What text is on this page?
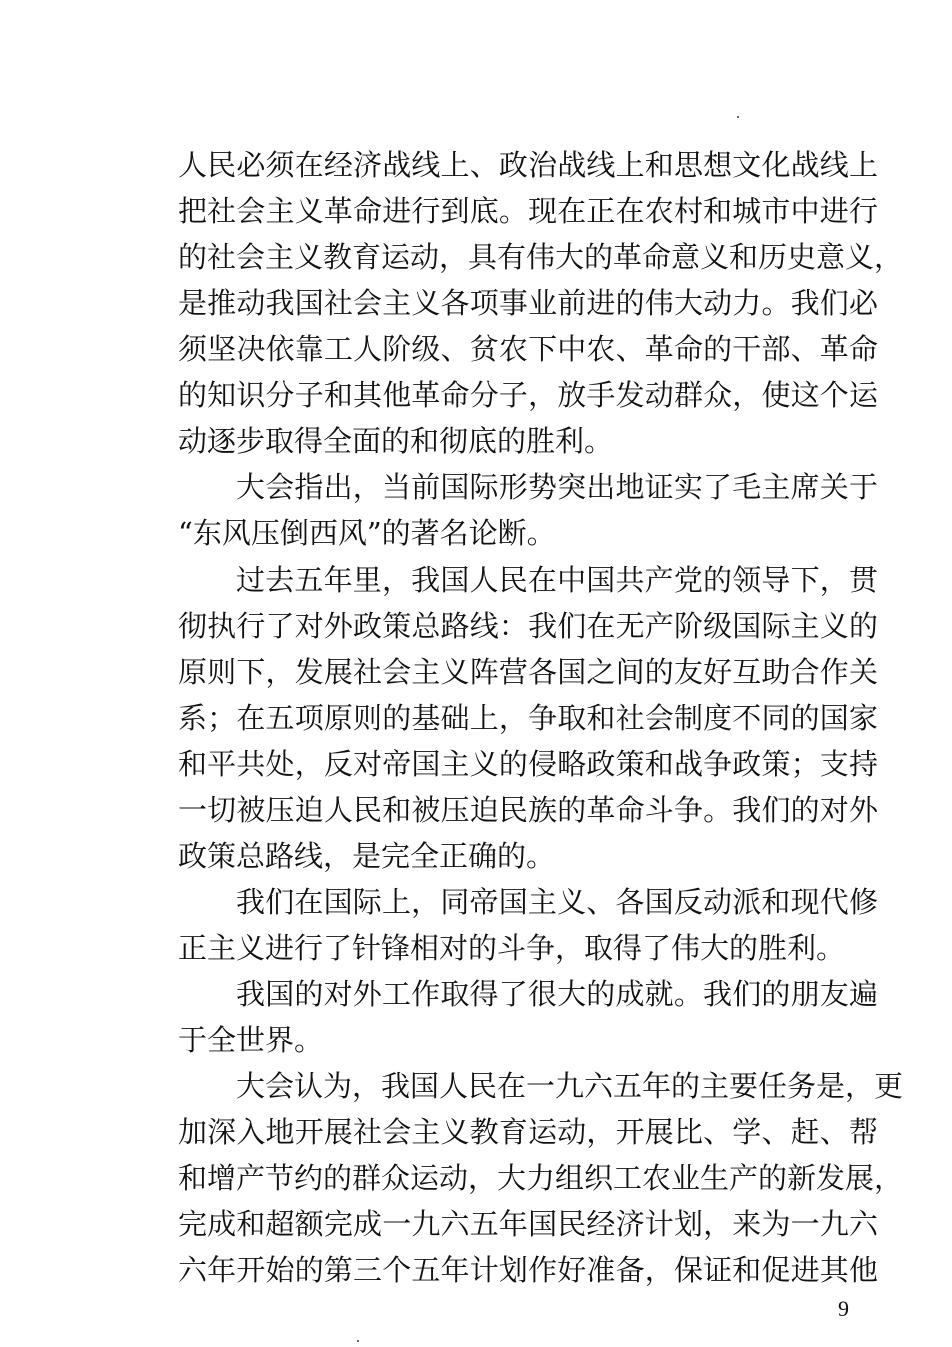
人民必须在经济战线上、政治战线上和思想文化战线上
把社会主义革命进行到底。现在正在农村和城市中进行
的社会主义教育运动，具有伟大的革命意义和历史意义，
是推动我国社会主义各项事业前进的伟大动力。我们必
须坚决依靠工人阶级、贫农下中农、革命的干部、革命
的知识分子和其他革命分子，放手发动群众，使这个运
动逐步取得全面的和彻底的胜利。
大会指出，当前国际形势突出地证实了毛主席关于
“东风压倒西风”的著名论断。
过去五年里，我国人民在中国共产党的领导下，贯
彻执行了对外政策总路线：我们在无产阶级国际主义的
原则下，发展社会主义阵营各国之间的友好互助合作关
系；在五项原则的基础上，争取和社会制度不同的国家
和平共处，反对帝国主义的侵略政策和战争政策；支持
一切被压迫人民和被压迫民族的革命斗争。我们的对外
政策总路线，是完全正确的。
我们在国际上，同帝国主义、各国反动派和现代修
正主义进行了针锋相对的斗争，取得了伟大的胜利。
我国的对外工作取得了很大的成就。我们的朋友遍
于全世界。
大会认为，我国人民在一九六五年的主要任务是，更
加深入地开展社会主义教育运动，开展比、学、赶、帮
和增产节约的群众运动，大力组织工农业生产的新发展，
完成和超额完成一九六五年国民经济计划，来为一九六
六年开始的第三个五年计划作好准备，保证和促进其他
9
